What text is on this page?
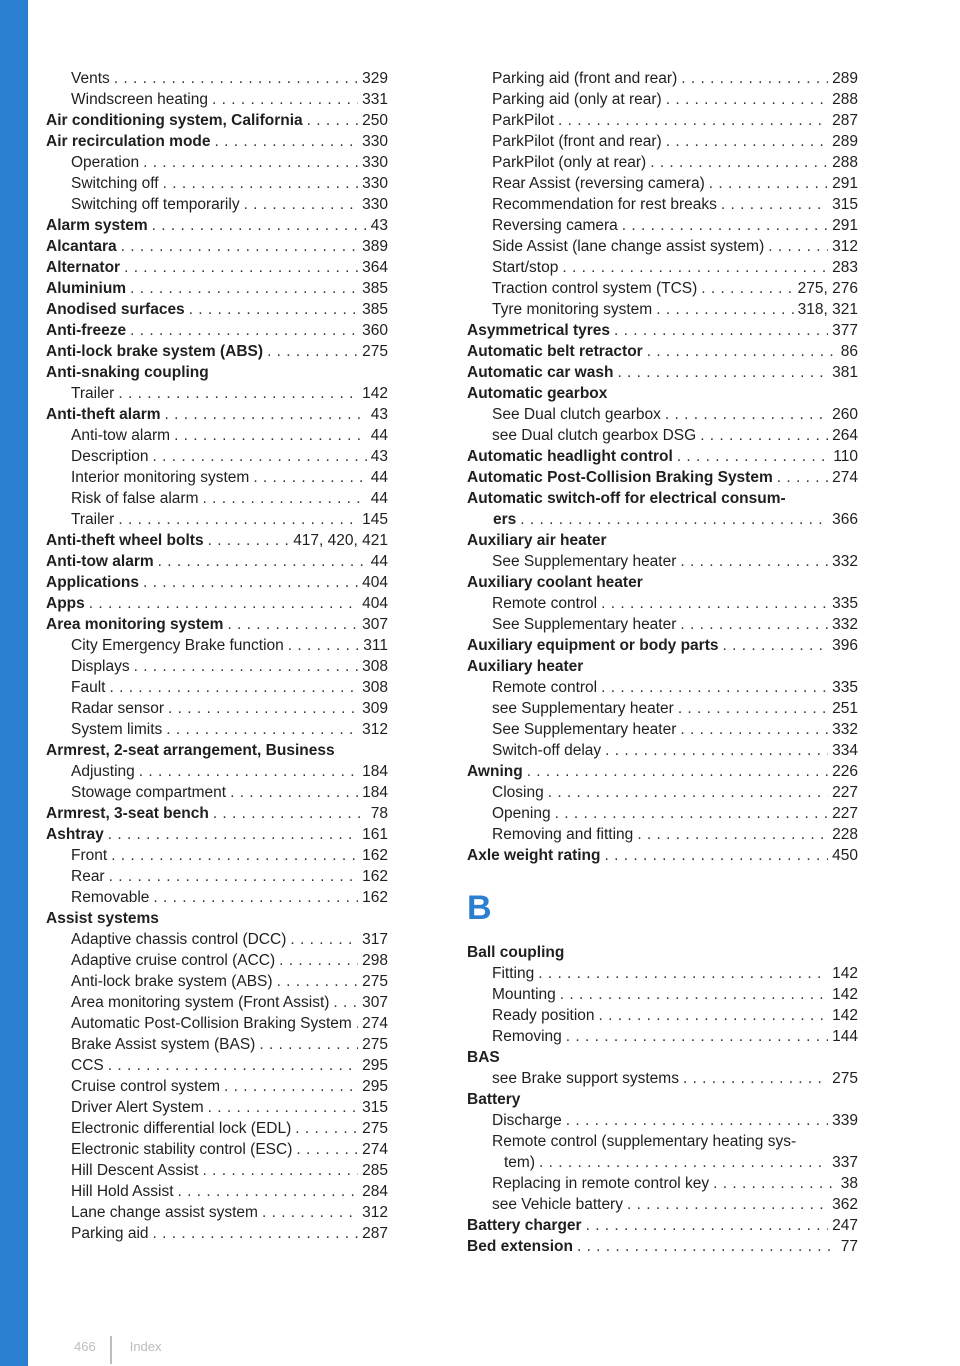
Vents . . .	329
Windscreen heating . . .	331
Air conditioning system, California . . .	250
Air recirculation mode . . .	330
Operation . . .	330
Switching off . . .	330
Switching off temporarily . . .	330
Alarm system . . .	43
Alcantara . . .	389
Alternator . . .	364
Aluminium . . .	385
Anodised surfaces . . .	385
Anti-freeze . . .	360
Anti-lock brake system (ABS) . . .	275
Anti-snaking coupling
Trailer . . .	142
Anti-theft alarm . . .	43
Anti-tow alarm . . .	44
Description . . .	43
Interior monitoring system . . .	44
Risk of false alarm . . .	44
Trailer . . .	145
Anti-theft wheel bolts . . .	417, 420, 421
Anti-tow alarm . . .	44
Applications . . .	404
Apps . . .	404
Area monitoring system . . .	307
City Emergency Brake function . . .	311
Displays . . .	308
Fault . . .	308
Radar sensor . . .	309
System limits . . .	312
Armrest, 2-seat arrangement, Business
Adjusting . . .	184
Stowage compartment . . .	184
Armrest, 3-seat bench . . .	78
Ashtray . . .	161
Front . . .	162
Rear . . .	162
Removable . . .	162
Assist systems
Adaptive chassis control (DCC) . . .	317
Adaptive cruise control (ACC) . . .	298
Anti-lock brake system (ABS) . . .	275
Area monitoring system (Front Assist) . . . 307
Automatic Post-Collision Braking System . . . 274
Brake Assist system (BAS) . . .	275
CCS . . .	295
Cruise control system . . .	295
Driver Alert System . . .	315
Electronic differential lock (EDL) . . .	275
Electronic stability control (ESC) . . .	274
Hill Descent Assist . . .	285
Hill Hold Assist . . .	284
Lane change assist system . . .	312
Parking aid . . .	287
Parking aid (front and rear) . . .	289
Parking aid (only at rear) . . .	288
ParkPilot . . .	287
ParkPilot (front and rear) . . .	289
ParkPilot (only at rear) . . .	288
Rear Assist (reversing camera) . . .	291
Recommendation for rest breaks . . .	315
Reversing camera . . .	291
Side Assist (lane change assist system) . . .	312
Start/stop . . .	283
Traction control system (TCS) . . .	275, 276
Tyre monitoring system . . .	318, 321
Asymmetrical tyres . . .	377
Automatic belt retractor . . .	86
Automatic car wash . . .	381
Automatic gearbox
See Dual clutch gearbox . . .	260
see Dual clutch gearbox DSG . . .	264
Automatic headlight control . . .	110
Automatic Post-Collision Braking System . . .	274
Automatic switch-off for electrical consum-
ers . . .	366
Auxiliary air heater
See Supplementary heater . . .	332
Auxiliary coolant heater
Remote control . . .	335
See Supplementary heater . . .	332
Auxiliary equipment or body parts . . .	396
Auxiliary heater
Remote control . . .	335
see Supplementary heater . . .	251
See Supplementary heater . . .	332
Switch-off delay . . .	334
Awning . . .	226
Closing . . .	227
Opening . . .	227
Removing and fitting . . .	228
Axle weight rating . . .	450
B
Ball coupling
Fitting . . .	142
Mounting . . .	142
Ready position . . .	142
Removing . . .	144
BAS
see Brake support systems . . .	275
Battery
Discharge . . .	339
Remote control (supplementary heating sys-
tem) . . .	337
Replacing in remote control key . . .	38
see Vehicle battery . . .	362
Battery charger . . .	247
Bed extension . . .	77
466	Index
